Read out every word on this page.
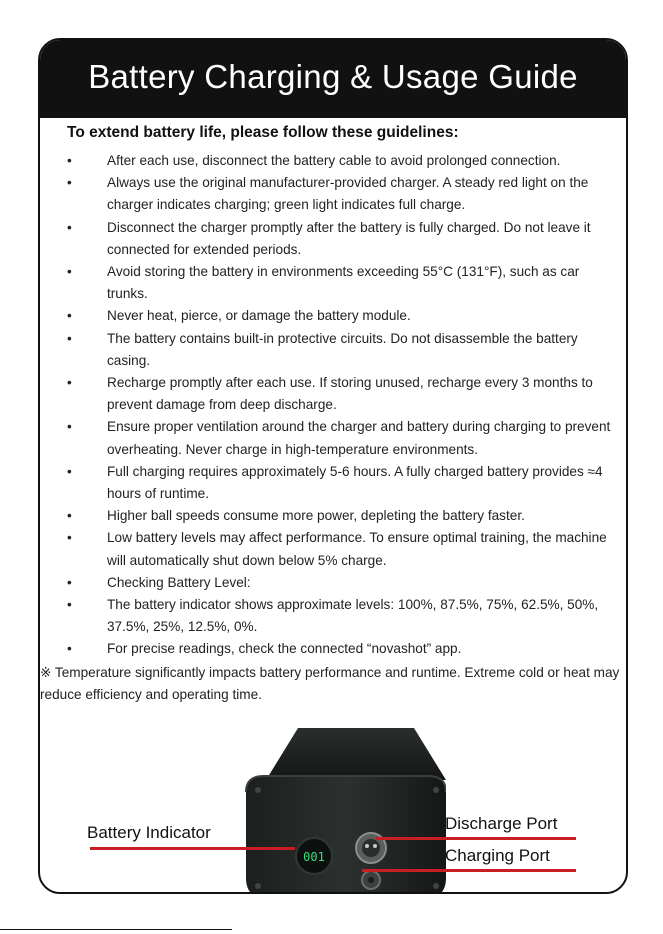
Battery Charging & Usage Guide
To extend battery life, please follow these guidelines:
•	After each use, disconnect the battery cable to avoid prolonged connection.
•	Always use the original manufacturer-provided charger. A steady red light on the charger indicates charging; green light indicates full charge.
•	Disconnect the charger promptly after the battery is fully charged. Do not leave it connected for extended periods.
•	Avoid storing the battery in environments exceeding 55°C (131°F), such as car trunks.
•	Never heat, pierce, or damage the battery module.
•	The battery contains built-in protective circuits. Do not disassemble the battery casing.
•	Recharge promptly after each use. If storing unused, recharge every 3 months to prevent damage from deep discharge.
•	Ensure proper ventilation around the charger and battery during charging to prevent overheating. Never charge in high-temperature environments.
•	Full charging requires approximately 5-6 hours. A fully charged battery provides ≈4 hours of runtime.
•	Higher ball speeds consume more power, depleting the battery faster.
•	Low battery levels may affect performance. To ensure optimal training, the machine will automatically shut down below 5% charge.
•	Checking Battery Level:
•	The battery indicator shows approximate levels: 100%, 87.5%, 75%, 62.5%, 50%, 37.5%, 25%, 12.5%, 0%.
•	For precise readings, check the connected “novashot” app.
※ Temperature significantly impacts battery performance and runtime. Extreme cold or heat may reduce efficiency and operating time.
001
Battery Indicator	Discharge Port
Charging Port
